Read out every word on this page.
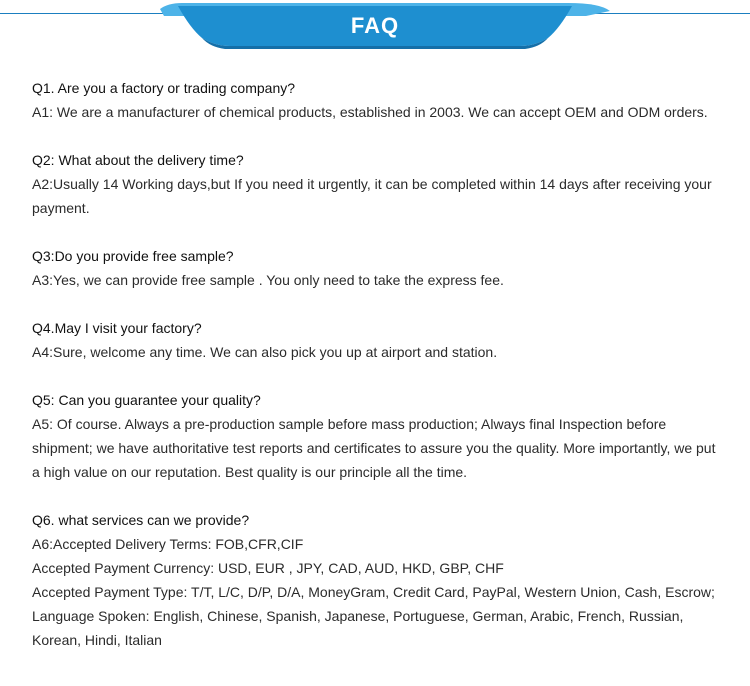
FAQ
Q1. Are you a factory or trading company?

A1: We are a manufacturer of chemical products, established in 2003. We can accept OEM and ODM orders.

Q2: What about the delivery time?

A2:Usually 14 Working days,but If you need it urgently, it can be completed within 14 days after receiving your payment.

Q3:Do you provide free sample?

A3:Yes, we can provide free sample . You only need to take the express fee.

Q4.May I visit your factory?

A4:Sure, welcome any time. We can also pick you up at airport and station.

Q5: Can you guarantee your quality?

A5: Of course. Always a pre-production sample before mass production; Always final Inspection before shipment; we have authoritative test reports and certificates to assure you the quality. More importantly, we put a high value on our reputation. Best quality is our principle all the time.

Q6. what services can we provide?

A6:Accepted Delivery Terms: FOB,CFR,CIF

Accepted Payment Currency: USD, EUR , JPY, CAD, AUD, HKD, GBP, CHF

Accepted Payment Type: T/T, L/C, D/P, D/A, MoneyGram, Credit Card, PayPal, Western Union, Cash, Escrow;

Language Spoken: English, Chinese, Spanish, Japanese, Portuguese, German, Arabic, French, Russian, Korean, Hindi, Italian
